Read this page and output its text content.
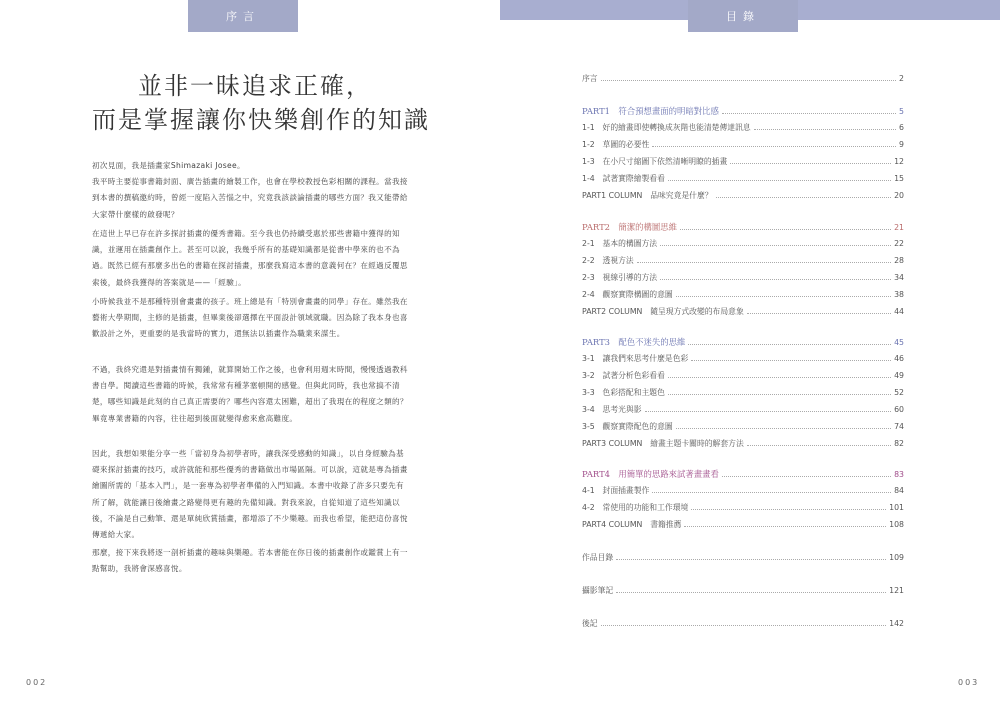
序言
並非一昧追求正確，
而是掌握讓你快樂創作的知識
初次見面，我是插畫家Shimazaki Josee。
我平時主要從事書籍封面、廣告插畫的繪製工作，也會在學校教授色彩相關的課程。當我接到本書的撰稿邀約時，曾經一度陷入苦惱之中，究竟我該談論插畫的哪些方面？我又能帶給大家帶什麼樣的啟發呢？
在這世上早已存在許多探討插畫的優秀書籍。至今我也仍持續受惠於那些書籍中獲得的知識，並運用在插畫創作上。甚至可以說，我幾乎所有的基礎知識都是從書中學來的也不為過。既然已經有那麼多出色的書籍在探討插畫，那麼我寫這本書的意義何在？在經過反覆思索後，最終我獲得的答案就是——「經驗」。
小時候我並不是那種特別會畫畫的孩子。班上總是有「特別會畫畫的同學」存在。雖然我在藝術大學期間，主修的是插畫，但畢業後卻選擇在平面設計領域就職。因為除了我本身也喜歡設計之外，更重要的是我當時的實力，還無法以插畫作為職業來謀生。
不過，我終究還是對插畫情有獨鍾，就算開始工作之後，也會利用週末時間，慢慢透過教科書自學。閱讀這些書籍的時候，我常常有種茅塞頓開的感覺。但與此同時，我也常搞不清楚，哪些知識是此刻的自己真正需要的？哪些內容還太困難，超出了我現在的程度之類的？畢竟專業書籍的內容，往往超到後面就變得愈來愈高難度。
因此，我想如果能分享一些「當初身為初學者時，讓我深受感動的知識」，以自身經驗為基礎來探討插畫的技巧，或許就能和那些優秀的書籍做出市場區隔。可以說，這就是專為插畫繪圖所需的「基本入門」，是一套專為初學者準備的入門知識。本書中收錄了許多只要先有所了解，就能讓日後繪畫之路變得更有趣的先備知識。對我來說，自從知道了這些知識以後，不論是自己動筆、還是單純欣賞插畫，都增添了不少樂趣。而我也希望，能把這份喜悅傳遞給大家。
那麼，接下來我將逐一剖析插畫的趣味與樂趣。若本書能在你日後的插畫創作或鑑賞上有一點幫助，我將會深感喜悅。
002
目錄
序言	2
PART1　符合預想畫面的明暗對比感	5
1-1　好的繪畫即使轉換成灰階也能清楚傳達訊息	6
1-2　草圖的必要性	9
1-3　在小尺寸縮圖下依然清晰明瞭的插畫	12
1-4　試著實際繪製看看	15
PART1 COLUMN　品味究竟是什麼？	20
PART2　簡潔的構圖思維	21
2-1　基本的構圖方法	22
2-2　透視方法	28
2-3　視線引導的方法	34
2-4　觀察實際構圖的意圖	38
PART2 COLUMN　隨呈現方式改變的布局意象	44
PART3　配色不迷失的思維	45
3-1　讓我們來思考什麼是色彩	46
3-2　試著分析色彩看看	49
3-3　色彩搭配和主題色	52
3-4　思考光與影	60
3-5　觀察實際配色的意圖	74
PART3 COLUMN　繪畫主題卡關時的解套方法	82
PART4　用簡單的思路來試著畫畫看	83
4-1　封面插畫製作	84
4-2　常使用的功能和工作環境	101
PART4 COLUMN　書籍推薦	108
作品目錄	109
攝影筆記	121
後記	142
003
